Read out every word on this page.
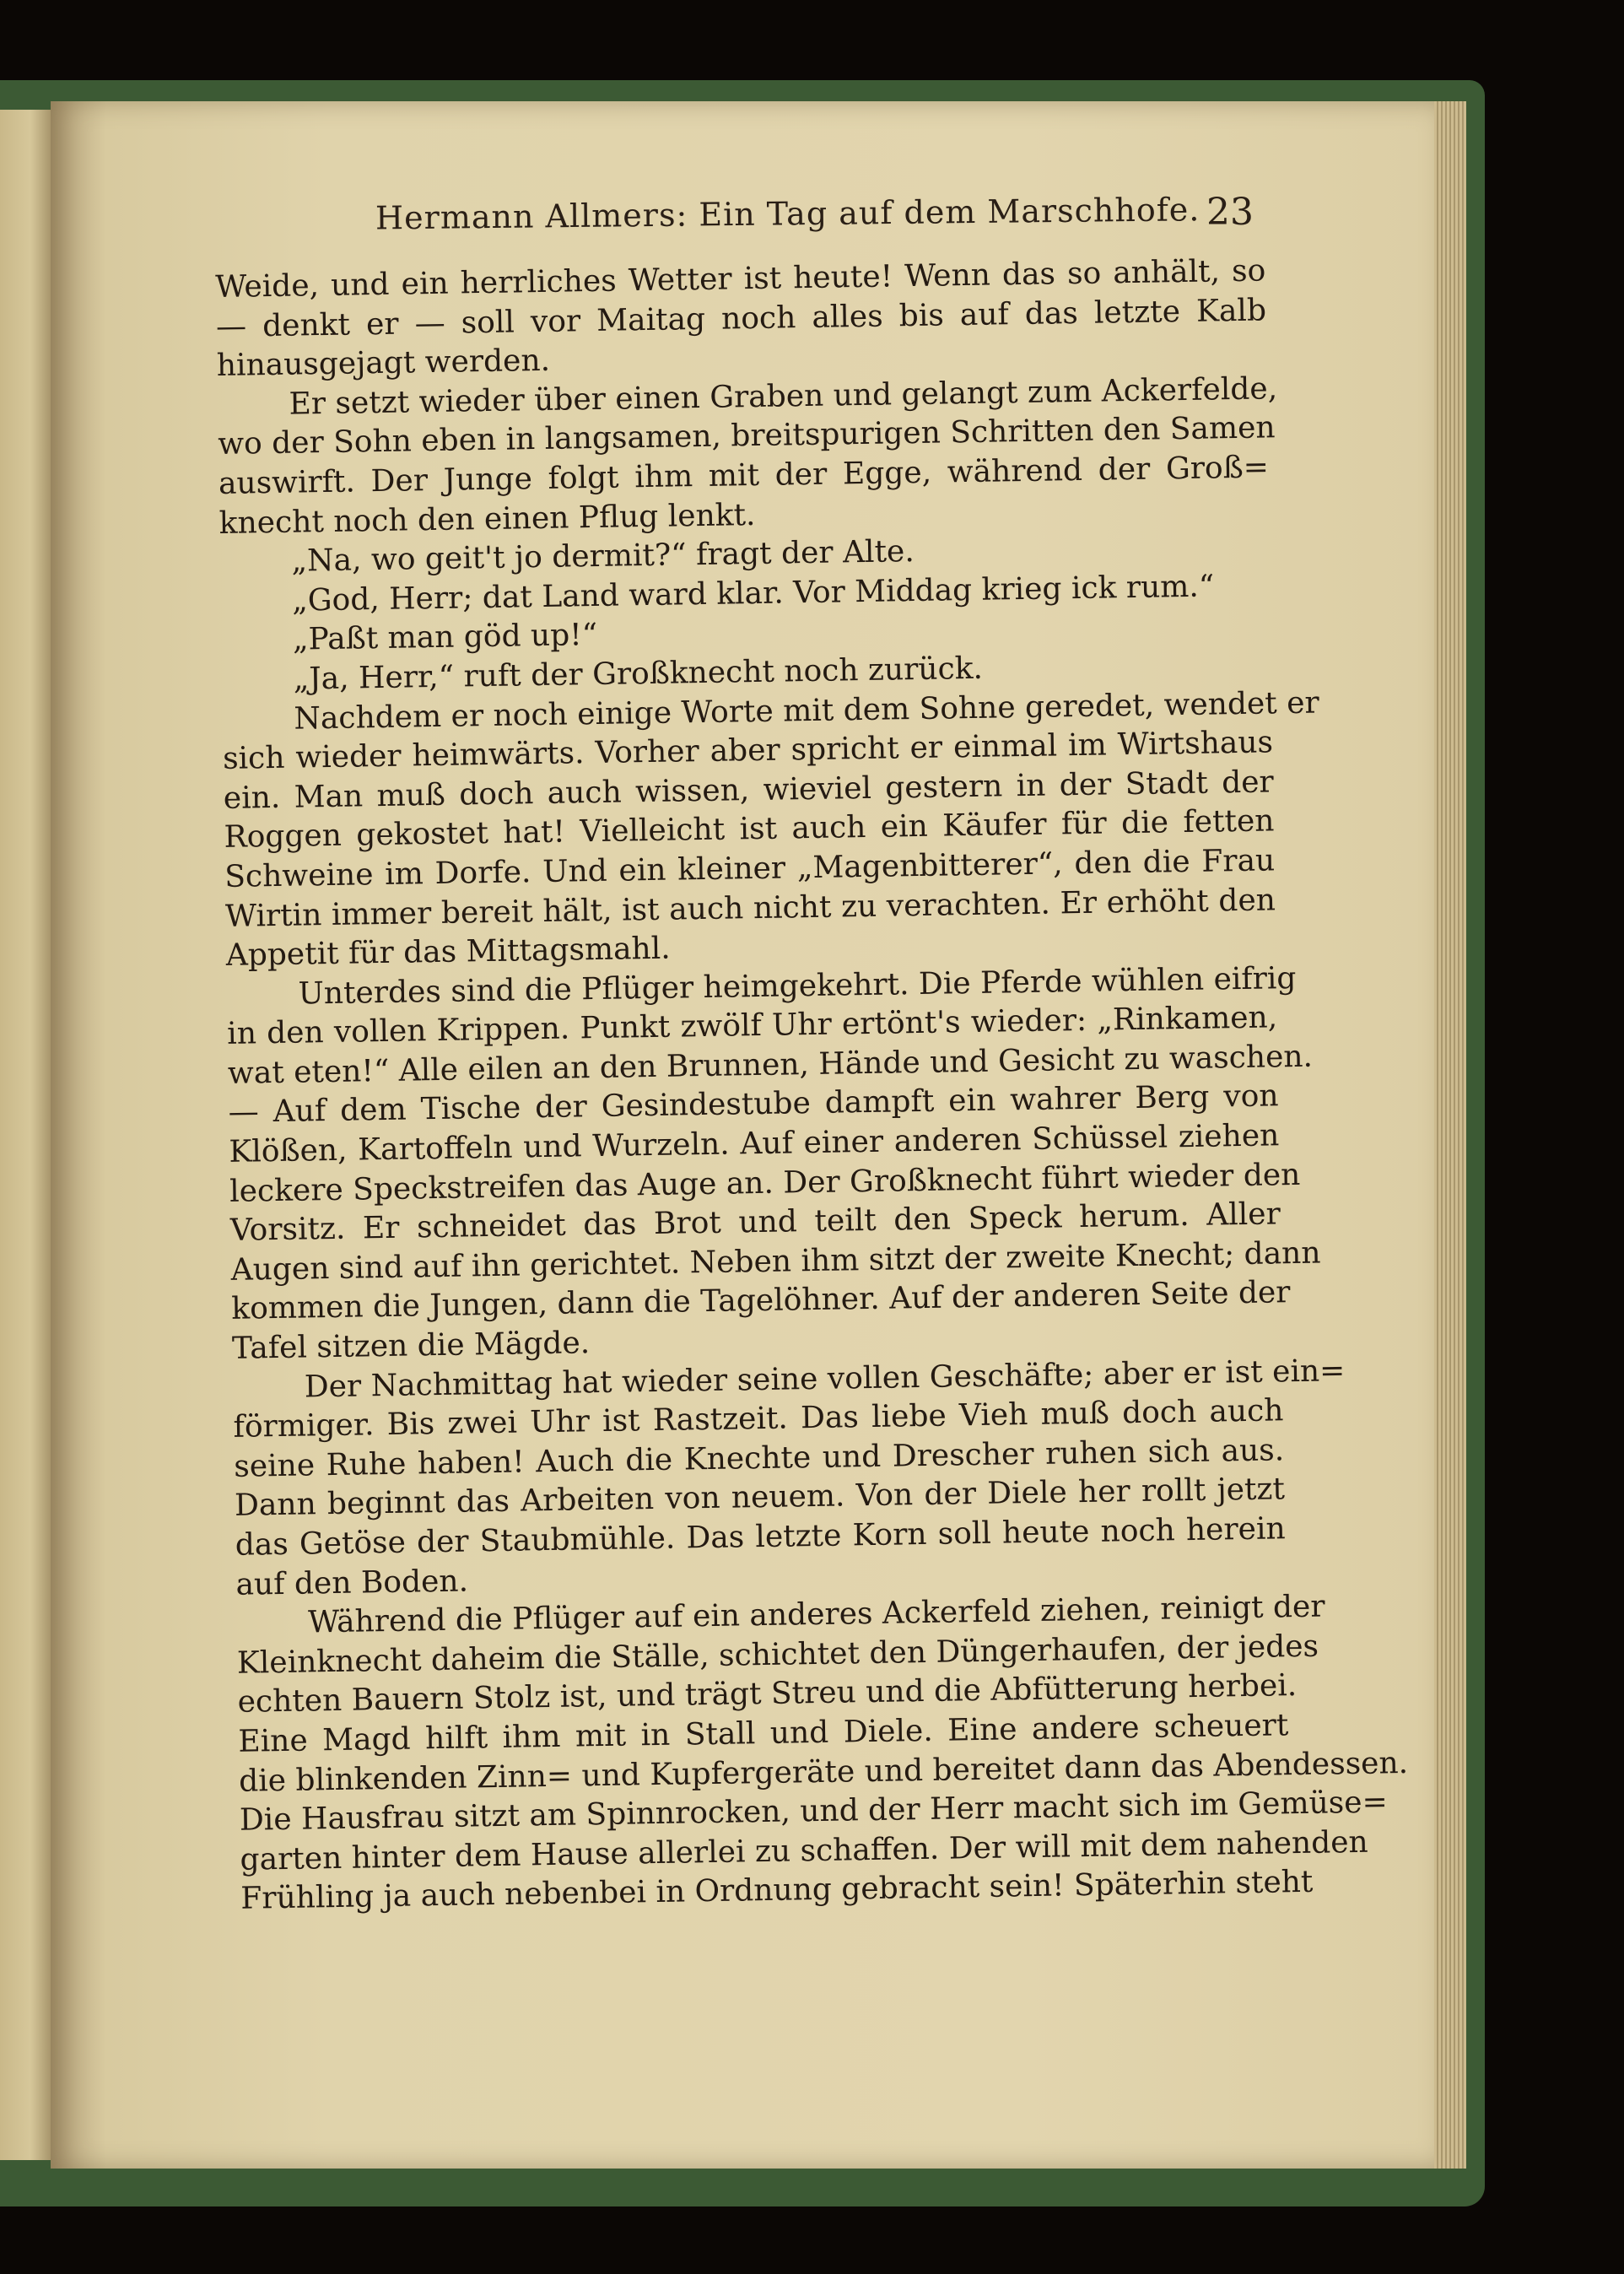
Hermann Allmers: Ein Tag auf dem Marschhofe. 23
Weide, und ein herrliches Wetter ist heute! Wenn das so anhält, so
— denkt er — soll vor Maitag noch alles bis auf das letzte Kalb
hinausgejagt werden.
Er setzt wieder über einen Graben und gelangt zum Ackerfelde,
wo der Sohn eben in langsamen, breitspurigen Schritten den Samen
auswirft. Der Junge folgt ihm mit der Egge, während der Groß=
knecht noch den einen Pflug lenkt.
„Na, wo geit't jo dermit?“ fragt der Alte.
„God, Herr; dat Land ward klar. Vor Middag krieg ick rum.“
„Paßt man göd up!“
„Ja, Herr,“ ruft der Großknecht noch zurück.
Nachdem er noch einige Worte mit dem Sohne geredet, wendet er
sich wieder heimwärts. Vorher aber spricht er einmal im Wirtshaus
ein. Man muß doch auch wissen, wieviel gestern in der Stadt der
Roggen gekostet hat! Vielleicht ist auch ein Käufer für die fetten
Schweine im Dorfe. Und ein kleiner „Magenbitterer“, den die Frau
Wirtin immer bereit hält, ist auch nicht zu verachten. Er erhöht den
Appetit für das Mittagsmahl.
Unterdes sind die Pflüger heimgekehrt. Die Pferde wühlen eifrig
in den vollen Krippen. Punkt zwölf Uhr ertönt's wieder: „Rinkamen,
wat eten!“ Alle eilen an den Brunnen, Hände und Gesicht zu waschen.
— Auf dem Tische der Gesindestube dampft ein wahrer Berg von
Klößen, Kartoffeln und Wurzeln. Auf einer anderen Schüssel ziehen
leckere Speckstreifen das Auge an. Der Großknecht führt wieder den
Vorsitz. Er schneidet das Brot und teilt den Speck herum. Aller
Augen sind auf ihn gerichtet. Neben ihm sitzt der zweite Knecht; dann
kommen die Jungen, dann die Tagelöhner. Auf der anderen Seite der
Tafel sitzen die Mägde.
Der Nachmittag hat wieder seine vollen Geschäfte; aber er ist ein=
förmiger. Bis zwei Uhr ist Rastzeit. Das liebe Vieh muß doch auch
seine Ruhe haben! Auch die Knechte und Drescher ruhen sich aus.
Dann beginnt das Arbeiten von neuem. Von der Diele her rollt jetzt
das Getöse der Staubmühle. Das letzte Korn soll heute noch herein
auf den Boden.
Während die Pflüger auf ein anderes Ackerfeld ziehen, reinigt der
Kleinknecht daheim die Ställe, schichtet den Düngerhaufen, der jedes
echten Bauern Stolz ist, und trägt Streu und die Abfütterung herbei.
Eine Magd hilft ihm mit in Stall und Diele. Eine andere scheuert
die blinkenden Zinn= und Kupfergeräte und bereitet dann das Abendessen.
Die Hausfrau sitzt am Spinnrocken, und der Herr macht sich im Gemüse=
garten hinter dem Hause allerlei zu schaffen. Der will mit dem nahenden
Frühling ja auch nebenbei in Ordnung gebracht sein! Späterhin steht
